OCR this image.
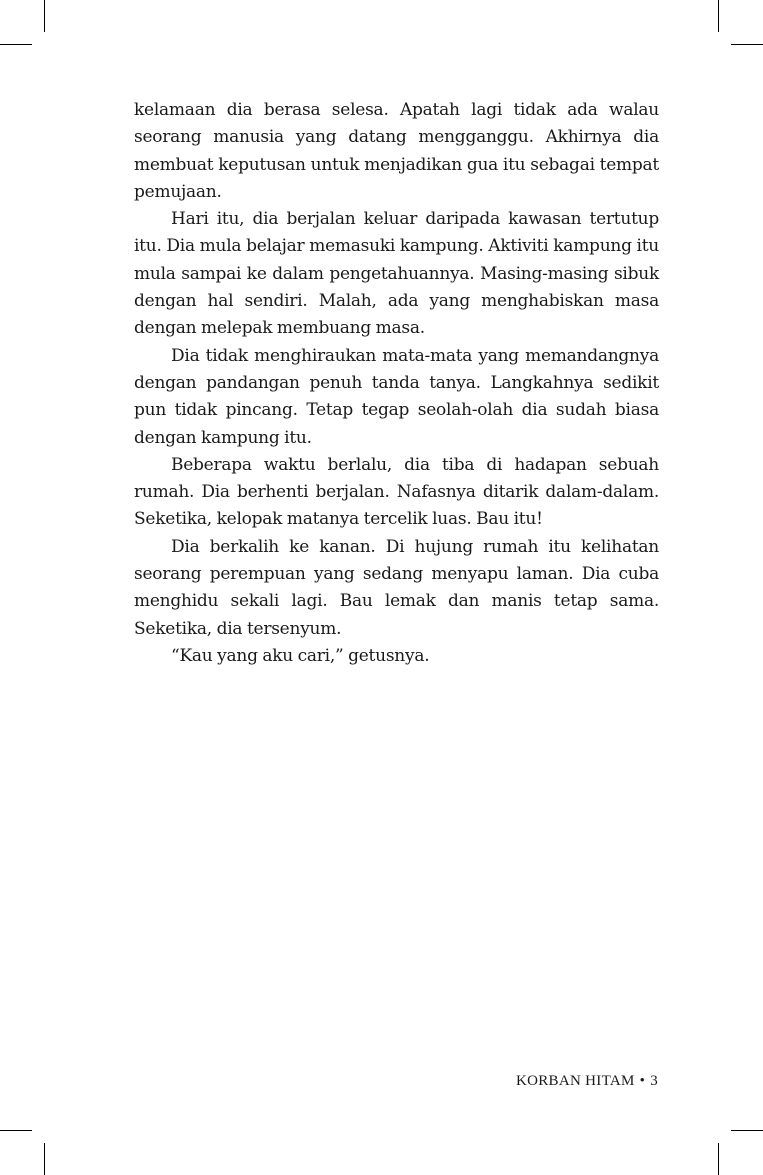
kelamaan dia berasa selesa. Apatah lagi tidak ada walau seorang manusia yang datang mengganggu. Akhirnya dia membuat keputusan untuk menjadikan gua itu sebagai tempat pemujaan.

Hari itu, dia berjalan keluar daripada kawasan tertutup itu. Dia mula belajar memasuki kampung. Aktiviti kampung itu mula sampai ke dalam pengetahuannya. Masing-masing sibuk dengan hal sendiri. Malah, ada yang menghabiskan masa dengan melepak membuang masa.

Dia tidak menghiraukan mata-mata yang memandangnya dengan pandangan penuh tanda tanya. Langkahnya sedikit pun tidak pincang. Tetap tegap seolah-olah dia sudah biasa dengan kampung itu.

Beberapa waktu berlalu, dia tiba di hadapan sebuah rumah. Dia berhenti berjalan. Nafasnya ditarik dalam-dalam. Seketika, kelopak matanya tercelik luas. Bau itu!

Dia berkalih ke kanan. Di hujung rumah itu kelihatan seorang perempuan yang sedang menyapu laman. Dia cuba menghidu sekali lagi. Bau lemak dan manis tetap sama. Seketika, dia tersenyum.

“Kau yang aku cari,” getusnya.

KORBAN HITAM • 3
